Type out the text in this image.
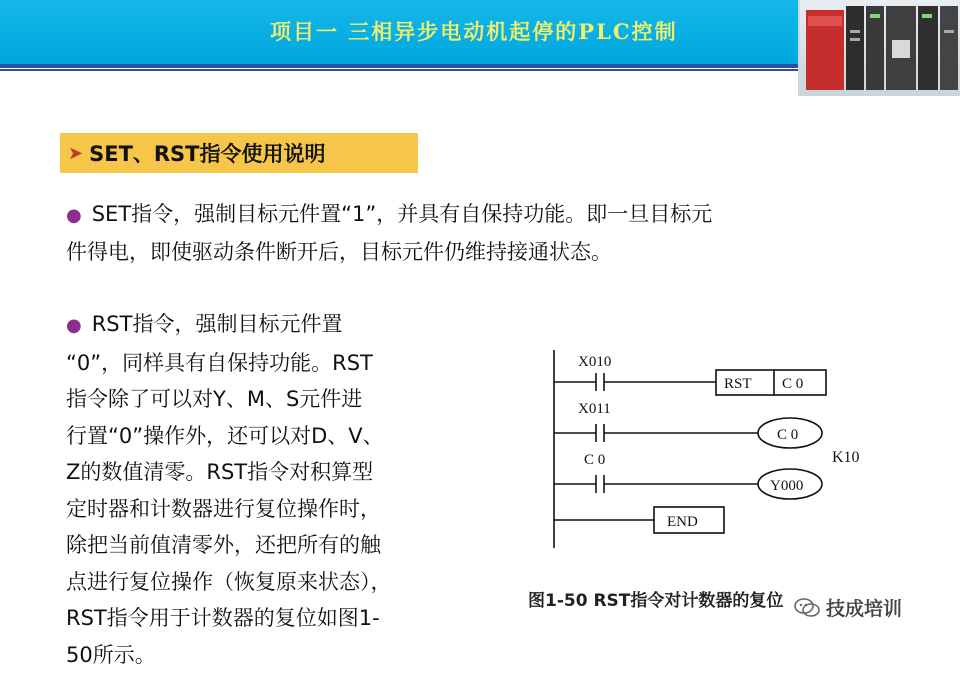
项目一 三相异步电动机起停的PLC控制
➤ SET、RST指令使用说明
● SET指令，强制目标元件置“1”，并具有自保持功能。即一旦目标元
件得电，即使驱动条件断开后，目标元件仍维持接通状态。
● RST指令，强制目标元件置
“0”，同样具有自保持功能。RST
指令除了可以对Y、M、S元件进
行置“0”操作外，还可以对D、V、
Z的数值清零。RST指令对积算型
定时器和计数器进行复位操作时，
除把当前值清零外，还把所有的触
点进行复位操作（恢复原来状态），
RST指令用于计数器的复位如图1-
50所示。
X010
RST C 0
X011
C 0
K10
C 0
Y000
END
图1-50 RST指令对计数器的复位 技成培训
